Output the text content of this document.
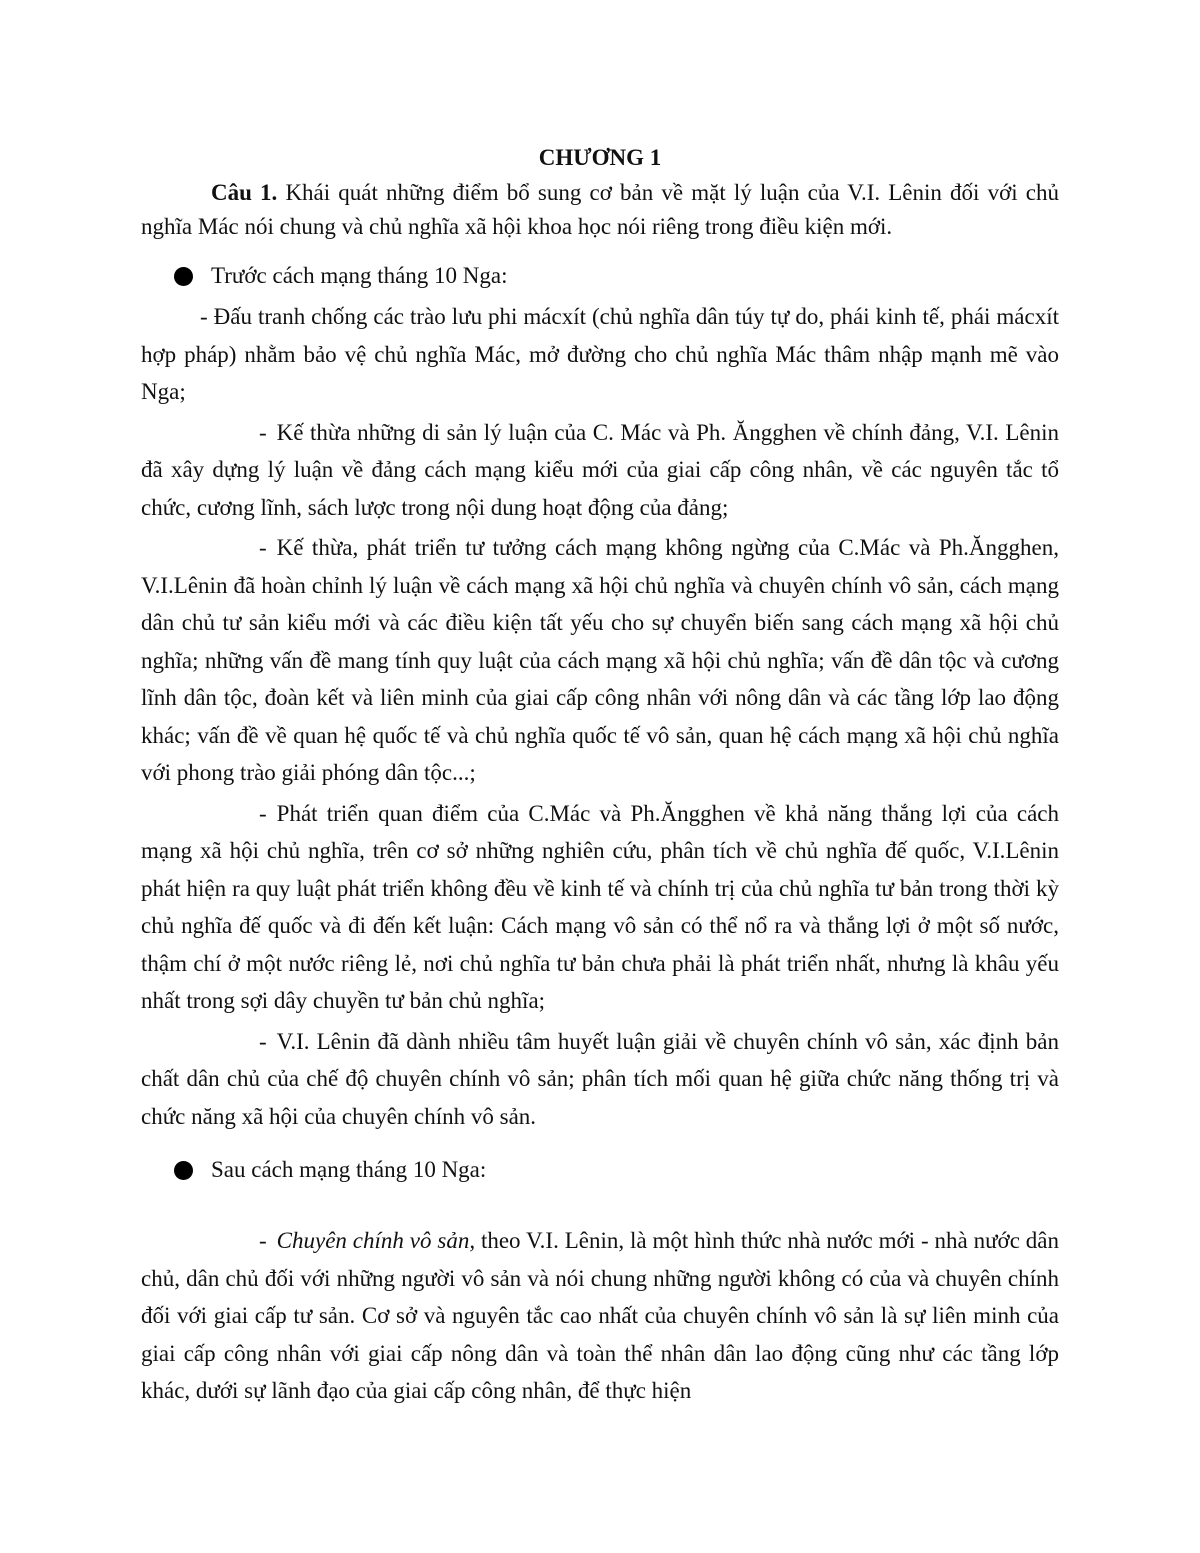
CHƯƠNG 1

Câu 1. Khái quát những điểm bổ sung cơ bản về mặt lý luận của V.I. Lênin đối với chủ nghĩa Mác nói chung và chủ nghĩa xã hội khoa học nói riêng trong điều kiện mới.

Trước cách mạng tháng 10 Nga:

- Đấu tranh chống các trào lưu phi mácxít (chủ nghĩa dân túy tự do, phái kinh tế, phái mácxít hợp pháp) nhằm bảo vệ chủ nghĩa Mác, mở đường cho chủ nghĩa Mác thâm nhập mạnh mẽ vào Nga;

- Kế thừa những di sản lý luận của C. Mác và Ph. Ăngghen về chính đảng, V.I. Lênin đã xây dựng lý luận về đảng cách mạng kiểu mới của giai cấp công nhân, về các nguyên tắc tổ chức, cương lĩnh, sách lược trong nội dung hoạt động của đảng;

- Kế thừa, phát triển tư tưởng cách mạng không ngừng của C.Mác và Ph.Ăngghen, V.I.Lênin đã hoàn chỉnh lý luận về cách mạng xã hội chủ nghĩa và chuyên chính vô sản, cách mạng dân chủ tư sản kiểu mới và các điều kiện tất yếu cho sự chuyển biến sang cách mạng xã hội chủ nghĩa; những vấn đề mang tính quy luật của cách mạng xã hội chủ nghĩa; vấn đề dân tộc và cương lĩnh dân tộc, đoàn kết và liên minh của giai cấp công nhân với nông dân và các tầng lớp lao động khác; vấn đề về quan hệ quốc tế và chủ nghĩa quốc tế vô sản, quan hệ cách mạng xã hội chủ nghĩa với phong trào giải phóng dân tộc...;

- Phát triển quan điểm của C.Mác và Ph.Ăngghen về khả năng thắng lợi của cách mạng xã hội chủ nghĩa, trên cơ sở những nghiên cứu, phân tích về chủ nghĩa đế quốc, V.I.Lênin phát hiện ra quy luật phát triển không đều về kinh tế và chính trị của chủ nghĩa tư bản trong thời kỳ chủ nghĩa đế quốc và đi đến kết luận: Cách mạng vô sản có thể nổ ra và thắng lợi ở một số nước, thậm chí ở một nước riêng lẻ, nơi chủ nghĩa tư bản chưa phải là phát triển nhất, nhưng là khâu yếu nhất trong sợi dây chuyền tư bản chủ nghĩa;

- V.I. Lênin đã dành nhiều tâm huyết luận giải về chuyên chính vô sản, xác định bản chất dân chủ của chế độ chuyên chính vô sản; phân tích mối quan hệ giữa chức năng thống trị và chức năng xã hội của chuyên chính vô sản.

Sau cách mạng tháng 10 Nga:

- Chuyên chính vô sản, theo V.I. Lênin, là một hình thức nhà nước mới - nhà nước dân chủ, dân chủ đối với những người vô sản và nói chung những người không có của và chuyên chính đối với giai cấp tư sản. Cơ sở và nguyên tắc cao nhất của chuyên chính vô sản là sự liên minh của giai cấp công nhân với giai cấp nông dân và toàn thể nhân dân lao động cũng như các tầng lớp khác, dưới sự lãnh đạo của giai cấp công nhân, để thực hiện
